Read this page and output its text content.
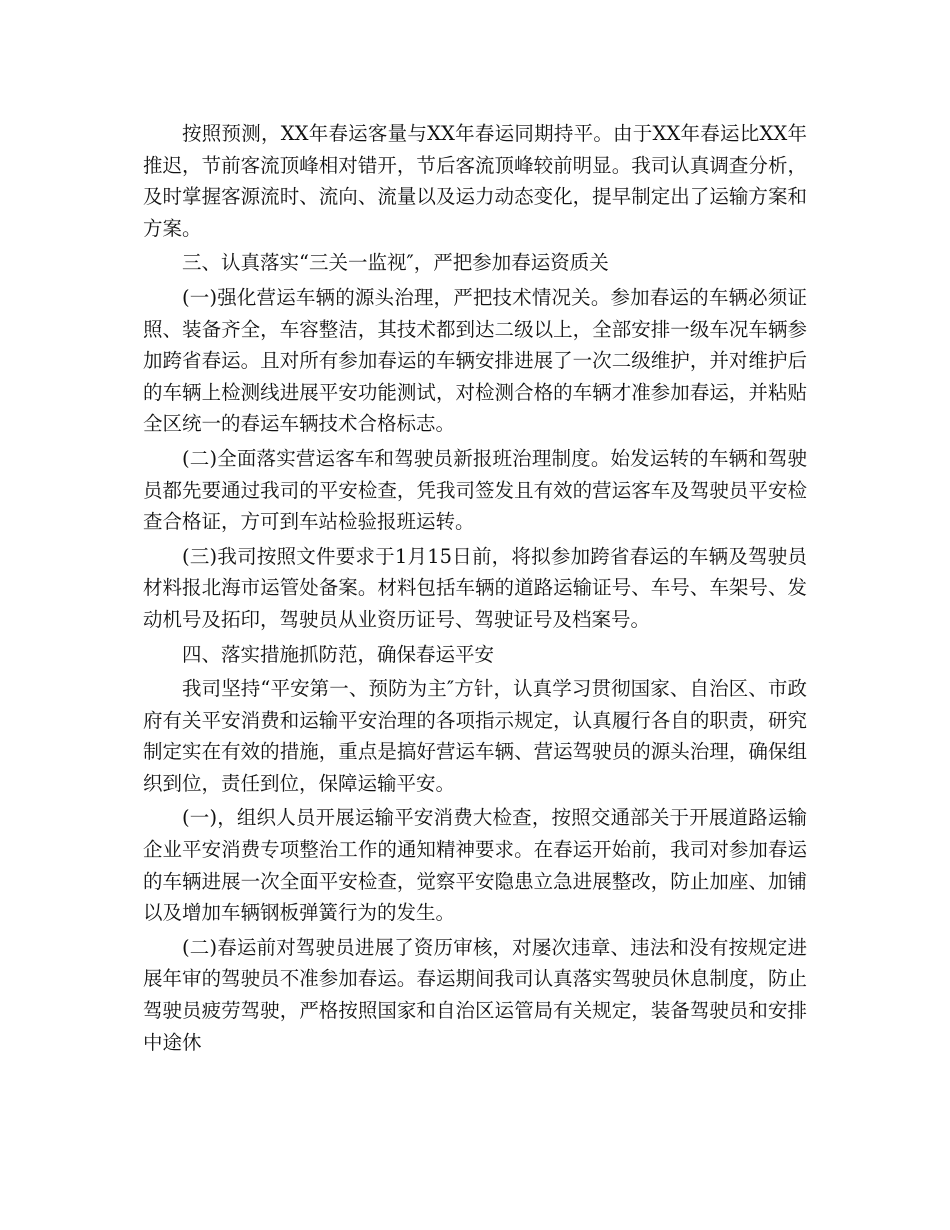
按照预测，XX年春运客量与XX年春运同期持平。由于XX年春运比XX年推迟，节前客流顶峰相对错开，节后客流顶峰较前明显。我司认真调查分析，及时掌握客源流时、流向、流量以及运力动态变化，提早制定出了运输方案和方案。

三、认真落实“三关一监视″，严把参加春运资质关

(一)强化营运车辆的源头治理，严把技术情况关。参加春运的车辆必须证照、装备齐全，车容整洁，其技术都到达二级以上，全部安排一级车况车辆参加跨省春运。且对所有参加春运的车辆安排进展了一次二级维护，并对维护后的车辆上检测线进展平安功能测试，对检测合格的车辆才准参加春运，并粘贴全区统一的春运车辆技术合格标志。

(二)全面落实营运客车和驾驶员新报班治理制度。始发运转的车辆和驾驶员都先要通过我司的平安检查，凭我司签发且有效的营运客车及驾驶员平安检查合格证，方可到车站检验报班运转。

(三)我司按照文件要求于1月15日前，将拟参加跨省春运的车辆及驾驶员材料报北海市运管处备案。材料包括车辆的道路运输证号、车号、车架号、发动机号及拓印，驾驶员从业资历证号、驾驶证号及档案号。

四、落实措施抓防范，确保春运平安

我司坚持“平安第一、预防为主″方针，认真学习贯彻国家、自治区、市政府有关平安消费和运输平安治理的各项指示规定，认真履行各自的职责，研究制定实在有效的措施，重点是搞好营运车辆、营运驾驶员的源头治理，确保组织到位，责任到位，保障运输平安。

(一)，组织人员开展运输平安消费大检查，按照交通部关于开展道路运输企业平安消费专项整治工作的通知精神要求。在春运开始前，我司对参加春运的车辆进展一次全面平安检查，觉察平安隐患立急进展整改，防止加座、加铺以及增加车辆钢板弹簧行为的发生。

(二)春运前对驾驶员进展了资历审核，对屡次违章、违法和没有按规定进展年审的驾驶员不准参加春运。春运期间我司认真落实驾驶员休息制度，防止驾驶员疲劳驾驶，严格按照国家和自治区运管局有关规定，装备驾驶员和安排中途休
